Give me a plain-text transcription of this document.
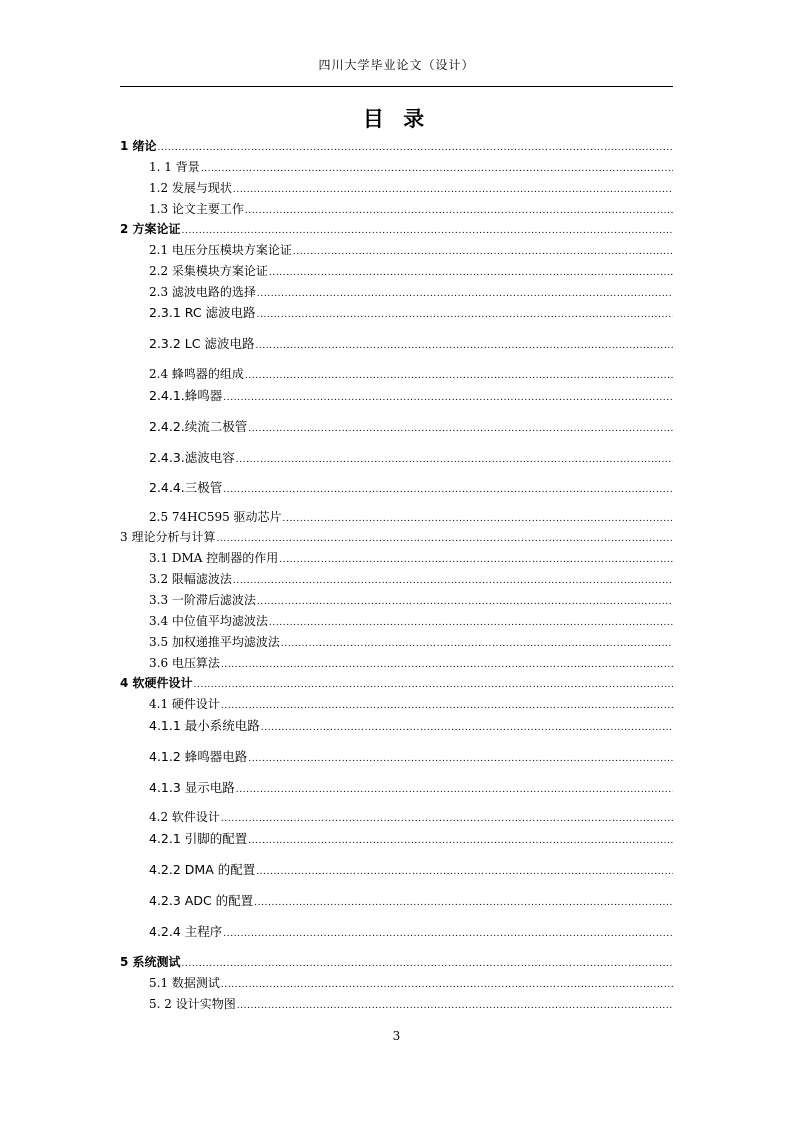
四川大学毕业论文（设计）
目 录
1 绪论
.....
1. 1 背景
.....
1.2 发展与现状
.....
1.3 论文主要工作
.....
2 方案论证
.....
2.1 电压分压模块方案论证
.....
2.2 采集模块方案论证
.....
2.3 滤波电路的选择
.....
2.3.1 RC 滤波电路
.....
2.3.2 LC 滤波电路
.....
2.4 蜂鸣器的组成
.....
2.4.1.蜂鸣器
.....
2.4.2.续流二极管
.....
2.4.3.滤波电容
.....
2.4.4.三极管
.....
2.5 74HC595 驱动芯片
.....
3 理论分析与计算
.....
3.1 DMA 控制器的作用
.....
3.2 限幅滤波法
.....
3.3 一阶滞后滤波法
.....
3.4 中位值平均滤波法
.....
3.5 加权递推平均滤波法
.....
3.6 电压算法
.....
4 软硬件设计
.....
4.1 硬件设计
.....
4.1.1 最小系统电路
.....
4.1.2 蜂鸣器电路
.....
4.1.3 显示电路
.....
4.2 软件设计
.....
4.2.1 引脚的配置
.....
4.2.2 DMA 的配置
.....
4.2.3 ADC 的配置
.....
4.2.4 主程序
.....
5 系统测试
.....
5.1 数据测试
.....
5. 2 设计实物图
.....
3
